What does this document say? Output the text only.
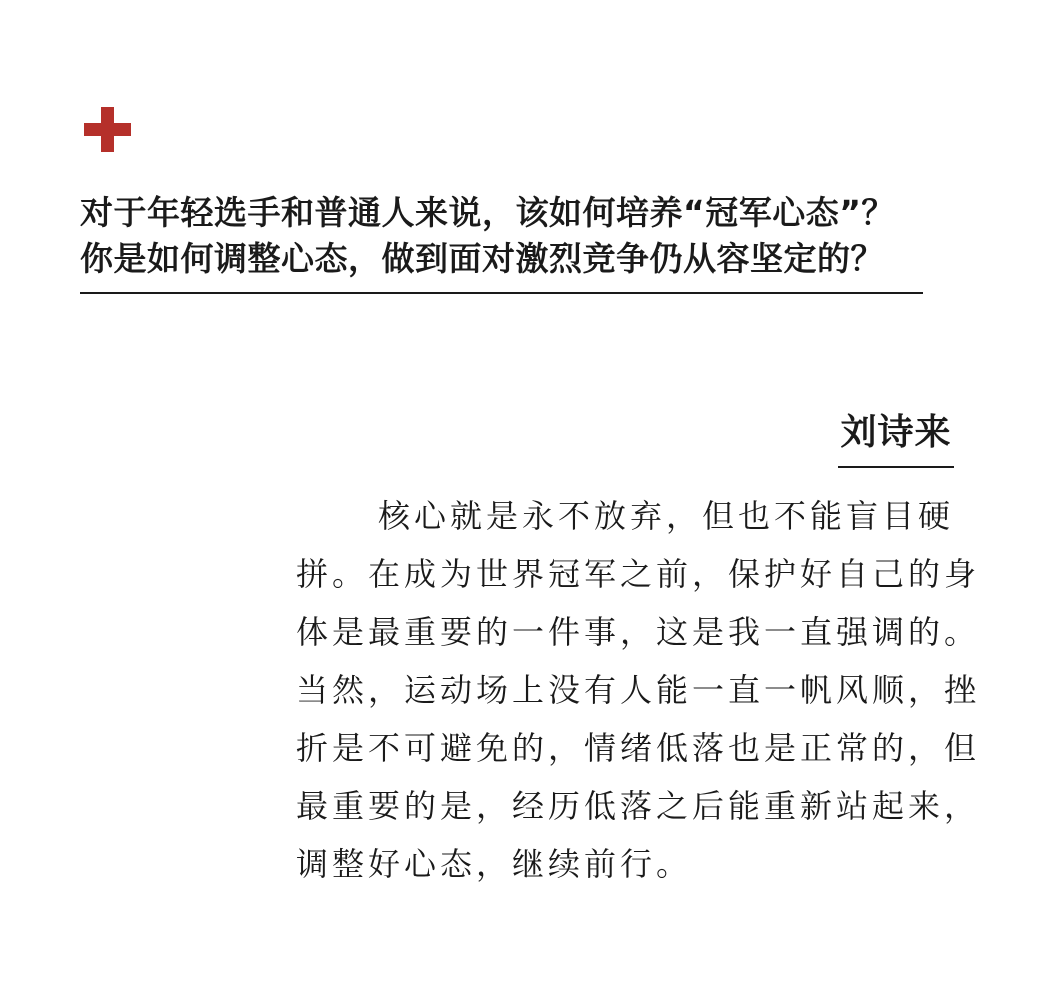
对于年轻选手和普通人来说，该如何培养“冠军心态”？
你是如何调整心态，做到面对激烈竞争仍从容坚定的？
刘诗来
核心就是永不放弃，但也不能盲目硬
拼。在成为世界冠军之前，保护好自己的身
体是最重要的一件事，这是我一直强调的。
当然，运动场上没有人能一直一帆风顺，挫
折是不可避免的，情绪低落也是正常的，但
最重要的是，经历低落之后能重新站起来，
调整好心态，继续前行。
